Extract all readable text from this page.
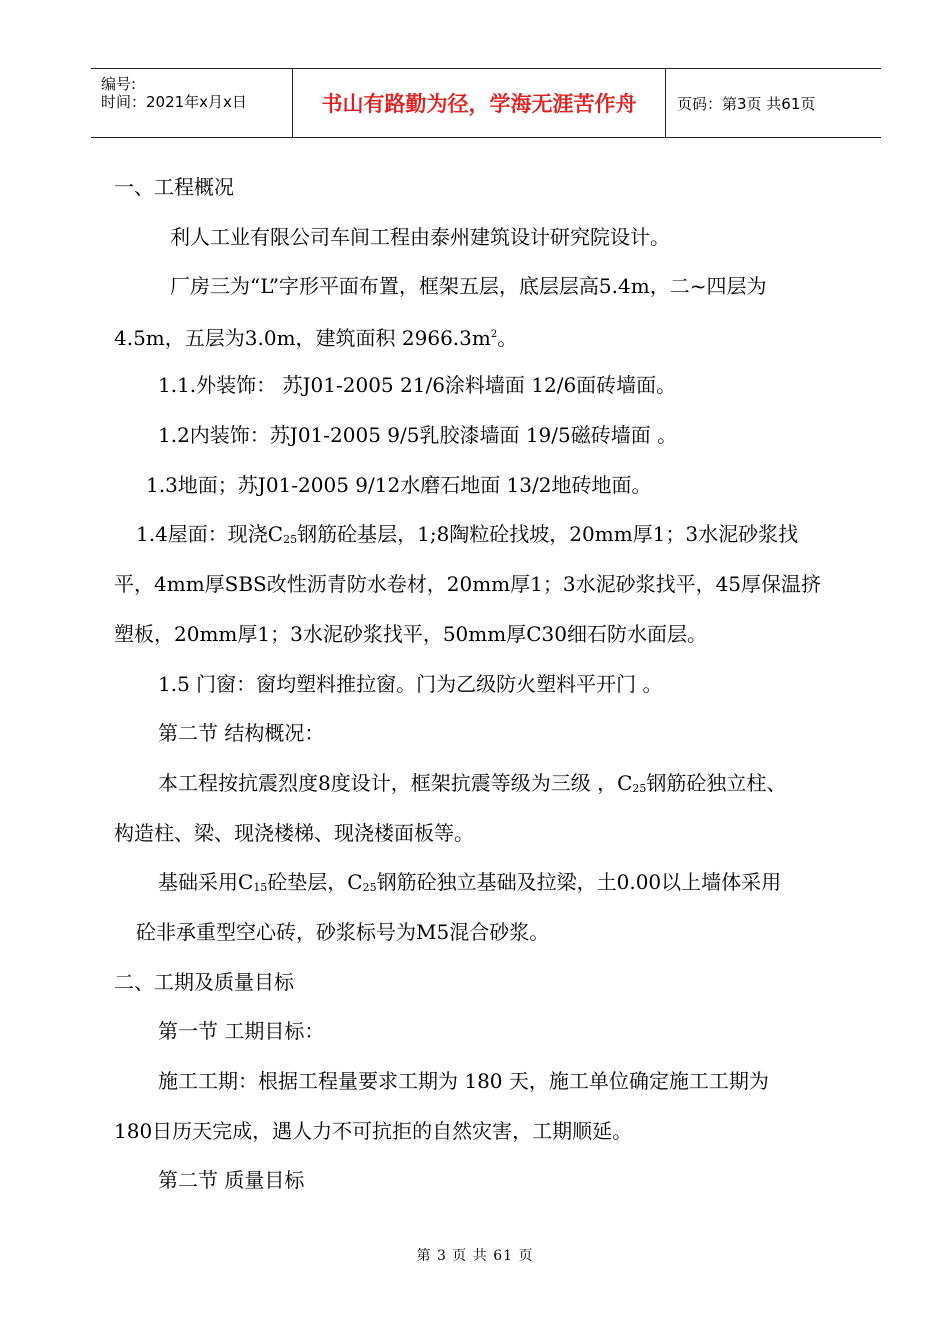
编号:
时间：2021年x月x日	书山有路勤为径，学海无涯苦作舟	页码：第3页 共61页
一、工程概况
利人工业有限公司车间工程由泰州建筑设计研究院设计。
厂房三为“L”字形平面布置，框架五层，底层层高5.4m，二~四层为
4.5m，五层为3.0m，建筑面积 $2966.3m^2$。
1.1.外装饰： 苏J01-2005 21/6涂料墙面 12/6面砖墙面。
1.2内装饰：苏J01-2005 9/5乳胶漆墙面 19/5磁砖墙面 。
1.3地面；苏J01-2005 9/12水磨石地面 13/2地砖地面。
1.4屋面：现浇$C_{25}$钢筋砼基层，1;8陶粒砼找坡，20mm厚1；3水泥砂浆找
平，4mm厚SBS改性沥青防水卷材，20mm厚1；3水泥砂浆找平，45厚保温挤
塑板，20mm厚1；3水泥砂浆找平，50mm厚C30细石防水面层。
1.5 门窗：窗均塑料推拉窗。门为乙级防火塑料平开门 。
第二节 结构概况：
本工程按抗震烈度8度设计，框架抗震等级为三级 ，$C_{25}$钢筋砼独立柱、
构造柱、梁、现浇楼梯、现浇楼面板等。
基础采用$C_{15}$砼垫层，$C_{25}$钢筋砼独立基础及拉梁，土0.00以上墙体采用
砼非承重型空心砖，砂浆标号为M5混合砂浆。
二、工期及质量目标
第一节 工期目标：
施工工期：根据工程量要求工期为 180 天，施工单位确定施工工期为
180日历天完成，遇人力不可抗拒的自然灾害，工期顺延。
第二节 质量目标
第 3 页 共 61 页
